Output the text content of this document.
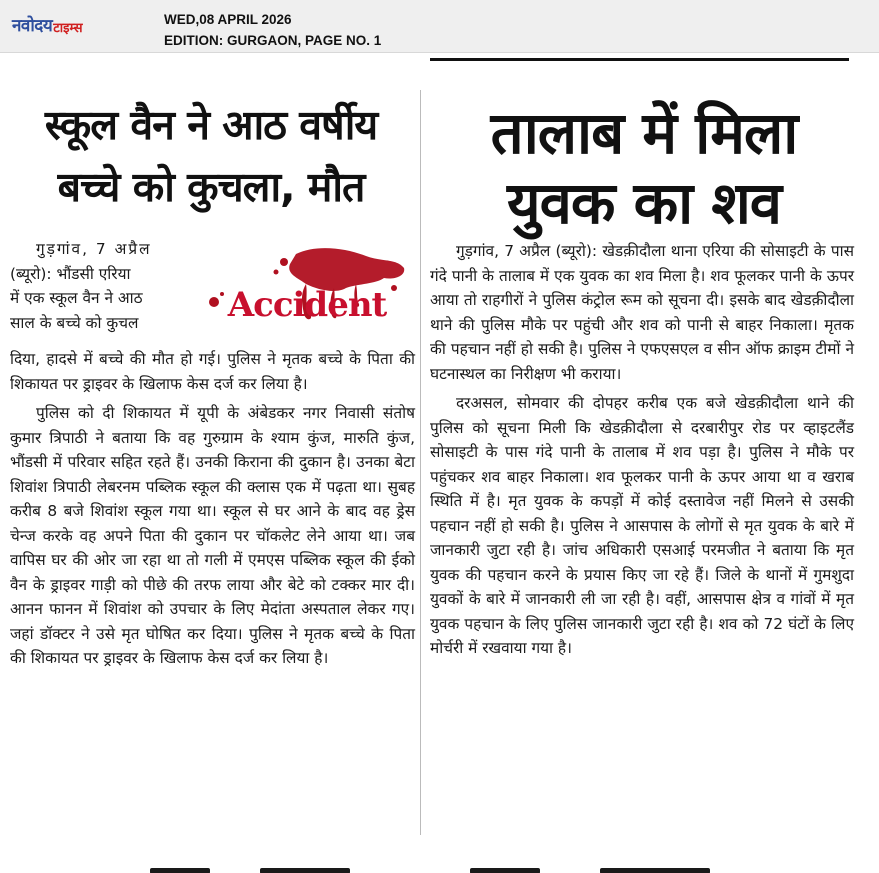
नवोदय टाइम्स
WED,08 APRIL 2026
EDITION: GURGAON, PAGE NO. 1
स्कूल वैन ने आठ वर्षीय
बच्चे को कुचला, मौत
गुड़गांव, 7 अप्रैल
(ब्यूरो): भौंडसी एरिया
में एक स्कूल वैन ने आठ
साल के बच्चे को कुचल	Accident

दिया, हादसे में बच्चे की मौत हो गई। पुलिस ने मृतक बच्चे के पिता की शिकायत पर ड्राइवर के खिलाफ केस दर्ज कर लिया है।

पुलिस को दी शिकायत में यूपी के अंबेडकर नगर निवासी संतोष कुमार त्रिपाठी ने बताया कि वह गुरुग्राम के श्याम कुंज, मारुति कुंज, भौंडसी में परिवार सहित रहते हैं। उनकी किराना की दुकान है। उनका बेटा शिवांश त्रिपाठी लेबरनम पब्लिक स्कूल की क्लास एक में पढ़ता था। सुबह करीब 8 बजे शिवांश स्कूल गया था। स्कूल से घर आने के बाद वह ड्रेस चेन्ज करके वह अपने पिता की दुकान पर चॉकलेट लेने आया था। जब वापिस घर की ओर जा रहा था तो गली में एमएस पब्लिक स्कूल की ईको वैन के ड्राइवर गाड़ी को पीछे की तरफ लाया और बेटे को टक्कर मार दी। आनन फानन में शिवांश को उपचार के लिए मेदांता अस्पताल लेकर गए। जहां डॉक्टर ने उसे मृत घोषित कर दिया। पुलिस ने मृतक बच्चे के पिता की शिकायत पर ड्राइवर के खिलाफ केस दर्ज कर लिया है।

तालाब में मिला
युवक का शव

गुड़गांव, 7 अप्रैल (ब्यूरो): खेडक़ीदौला थाना एरिया की सोसाइटी के पास गंदे पानी के तालाब में एक युवक का शव मिला है। शव फूलकर पानी के ऊपर आया तो राहगीरों ने पुलिस कंट्रोल रूम को सूचना दी। इसके बाद खेडक़ीदौला थाने की पुलिस मौके पर पहुंची और शव को पानी से बाहर निकाला। मृतक की पहचान नहीं हो सकी है। पुलिस ने एफएसएल व सीन ऑफ क्राइम टीमों ने घटनास्थल का निरीक्षण भी कराया।

दरअसल, सोमवार की दोपहर करीब एक बजे खेडक़ीदौला थाने की पुलिस को सूचना मिली कि खेडक़ीदौला से दरबारीपुर रोड पर व्हाइटलैंड सोसाइटी के पास गंदे पानी के तालाब में शव पड़ा है। पुलिस ने मौके पर पहुंचकर शव बाहर निकाला। शव फूलकर पानी के ऊपर आया था व खराब स्थिति में है। मृत युवक के कपड़ों में कोई दस्तावेज नहीं मिलने से उसकी पहचान नहीं हो सकी है। पुलिस ने आसपास के लोगों से मृत युवक के बारे में जानकारी जुटा रही है। जांच अधिकारी एसआई परमजीत ने बताया कि मृत युवक की पहचान करने के प्रयास किए जा रहे हैं। जिले के थानों में गुमशुदा युवकों के बारे में जानकारी ली जा रही है। वहीं, आसपास क्षेत्र व गांवों में मृत युवक पहचान के लिए पुलिस जानकारी जुटा रही है। शव को 72 घंटों के लिए मोर्चरी में रखवाया गया है।
